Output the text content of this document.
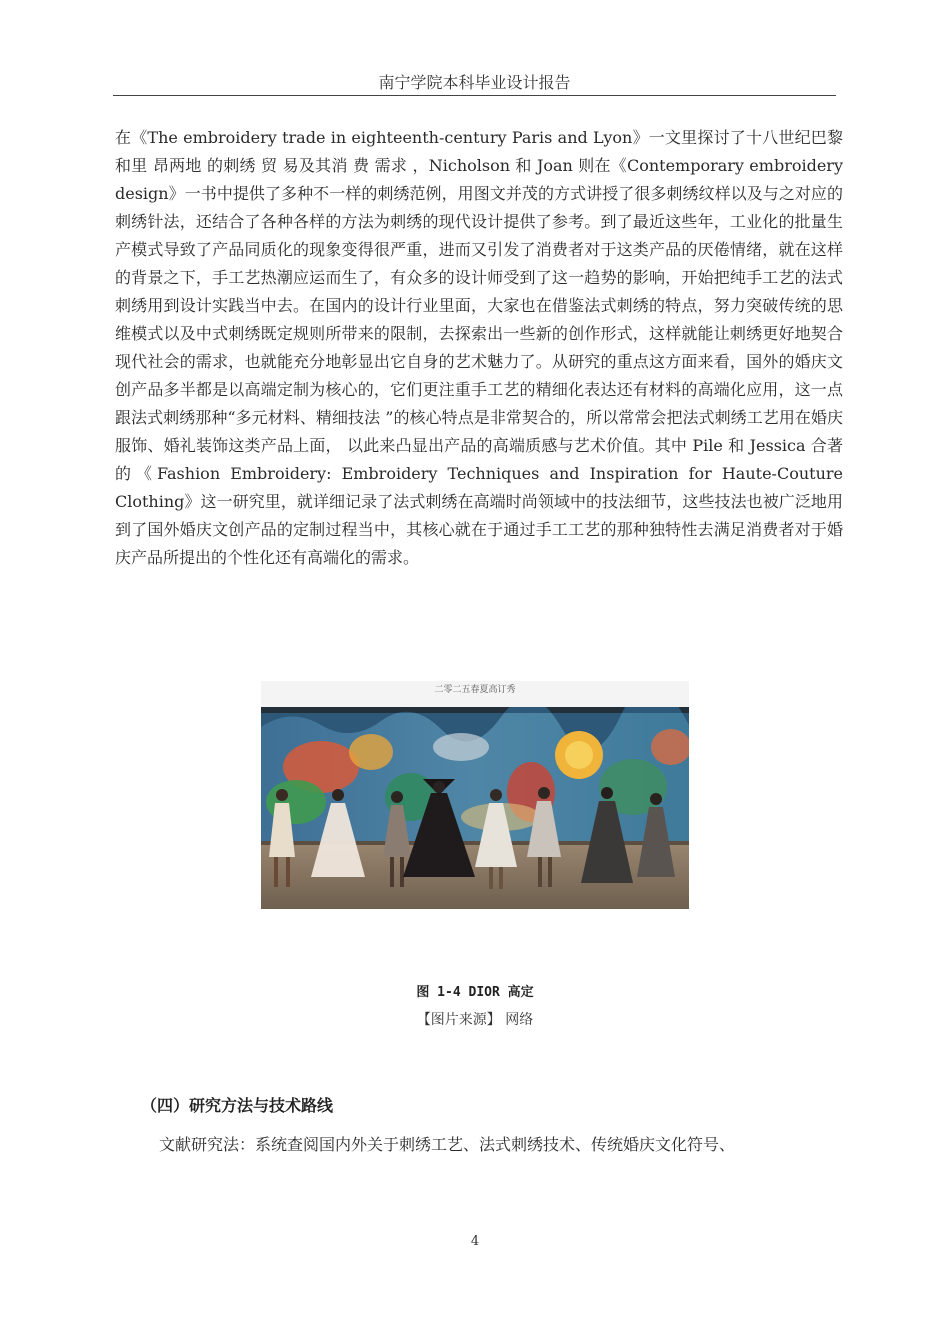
南宁学院本科毕业设计报告

在《The embroidery trade in eighteenth-century Paris and Lyon》一文里探讨了十八世纪巴黎和里 昂两地 的刺绣 贸 易及其消 费 需求 ，Nicholson 和 Joan 则在《Contemporary embroidery design》一书中提供了多种不一样的刺绣范例，用图文并茂的方式讲授了很多刺绣纹样以及与之对应的刺绣针法，还结合了各种各样的方法为刺绣的现代设计提供了参考。到了最近这些年，工业化的批量生产模式导致了产品同质化的现象变得很严重，进而又引发了消费者对于这类产品的厌倦情绪，就在这样的背景之下，手工艺热潮应运而生了，有众多的设计师受到了这一趋势的影响，开始把纯手工艺的法式刺绣用到设计实践当中去。在国内的设计行业里面，大家也在借鉴法式刺绣的特点，努力突破传统的思维模式以及中式刺绣既定规则所带来的限制，去探索出一些新的创作形式，这样就能让刺绣更好地契合现代社会的需求，也就能充分地彰显出它自身的艺术魅力了。从研究的重点这方面来看，国外的婚庆文创产品多半都是以高端定制为核心的，它们更注重手工艺的精细化表达还有材料的高端化应用，这一点跟法式刺绣那种“多元材料、精细技法 ”的核心特点是非常契合的，所以常常会把法式刺绣工艺用在婚庆服饰、婚礼装饰这类产品上面， 以此来凸显出产品的高端质感与艺术价值。其中 Pile 和 Jessica 合著的《Fashion Embroidery: Embroidery Techniques and Inspiration for Haute-Couture Clothing》这一研究里，就详细记录了法式刺绣在高端时尚领域中的技法细节，这些技法也被广泛地用到了国外婚庆文创产品的定制过程当中，其核心就在于通过手工工艺的那种独特性去满足消费者对于婚庆产品所提出的个性化还有高端化的需求。

二零二五春夏高订秀
图 1-4 DIOR 高定
【图片来源】 网络
（四）研究方法与技术路线

文献研究法：系统查阅国内外关于刺绣工艺、法式刺绣技术、传统婚庆文化符号、

4
